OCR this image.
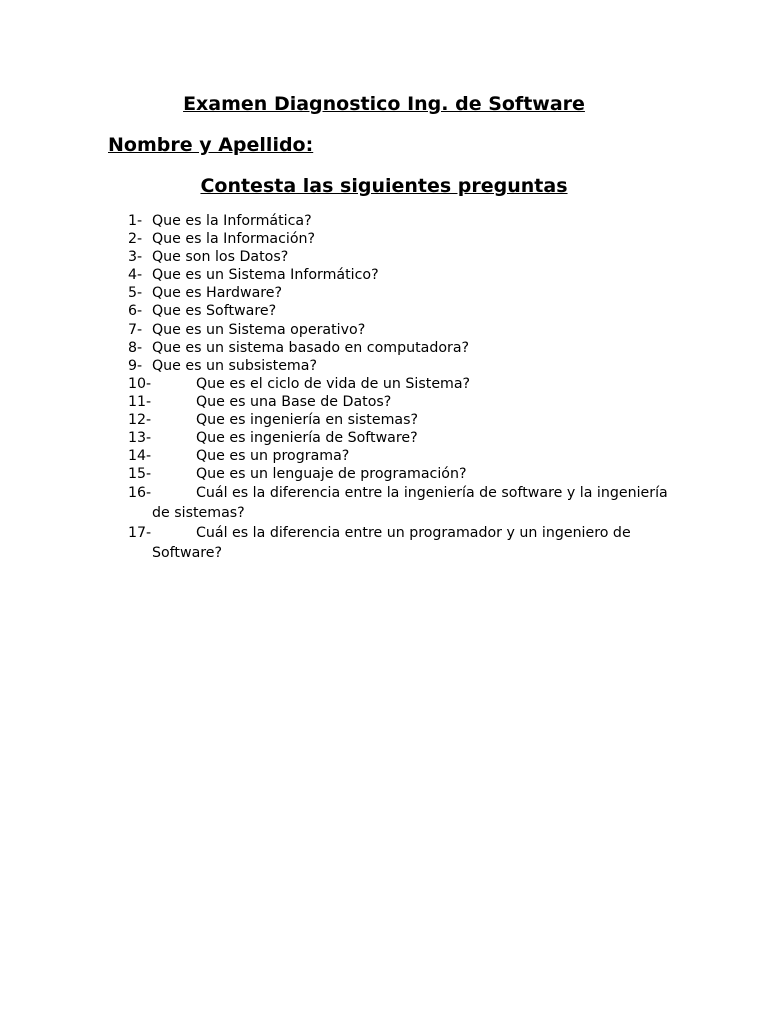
Examen Diagnostico Ing. de Software
Nombre y Apellido:
Contesta las siguientes preguntas
1- Que es la Informática?
2- Que es la Información?
3- Que son los Datos?
4- Que es un Sistema Informático?
5- Que es Hardware?
6- Que es Software?
7- Que es un Sistema operativo?
8- Que es un sistema basado en computadora?
9- Que es un subsistema?
10-	Que es el ciclo de vida de un Sistema?
11-	Que es una Base de Datos?
12-	Que es ingeniería en sistemas?
13-	Que es ingeniería de Software?
14-	Que es un programa?
15-	Que es un lenguaje de programación?
16-	Cuál es la diferencia entre la ingeniería de software y la ingeniería de sistemas?
17-	Cuál es la diferencia entre un programador y un ingeniero de Software?
